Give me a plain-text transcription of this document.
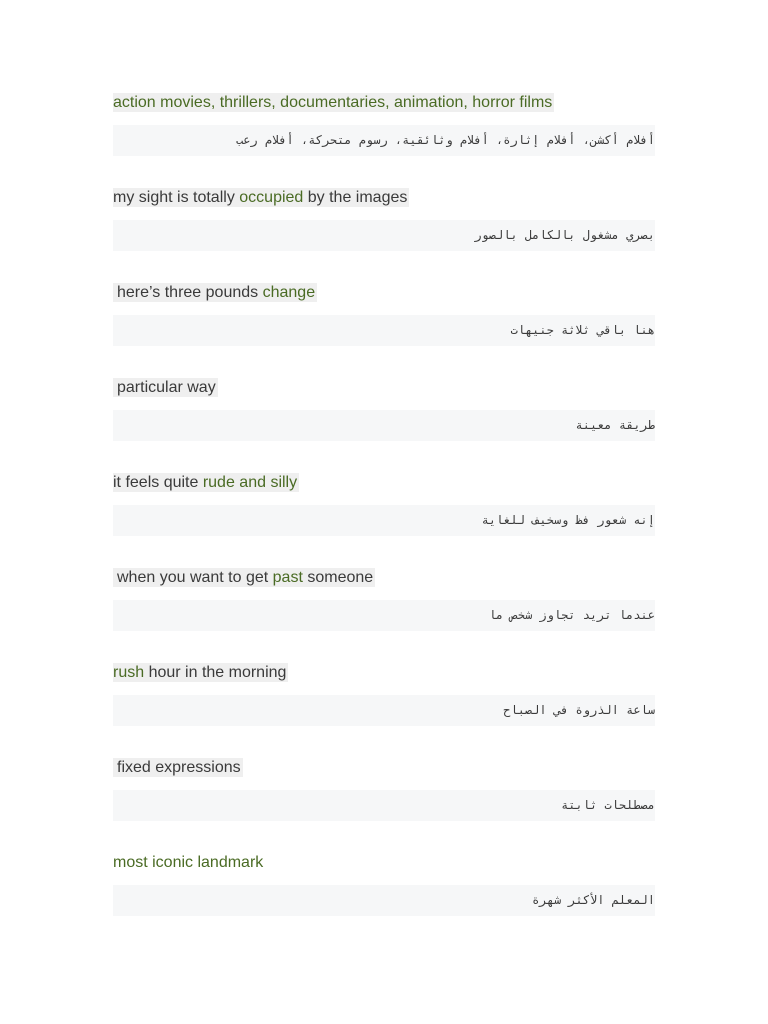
action movies, thrillers, documentaries, animation, horror films
أفلام أكشن، أفلام إثارة، أفلام وثائقية، رسوم متحركة، أفلام رعب
my sight is totally occupied by the images
بصري مشغول بالكامل بالصور
here’s three pounds change
هنا باقي ثلاثة جنيهات
particular way
طريقة معينة
it feels quite rude and silly
إنه شعور فظ وسخيف للغاية
when you want to get past someone
عندما تريد تجاوز شخص ما
rush hour in the morning
ساعة الذروة في الصباح
fixed expressions
مصطلحات ثابتة
most iconic landmark
المعلم الأكثر شهرة
